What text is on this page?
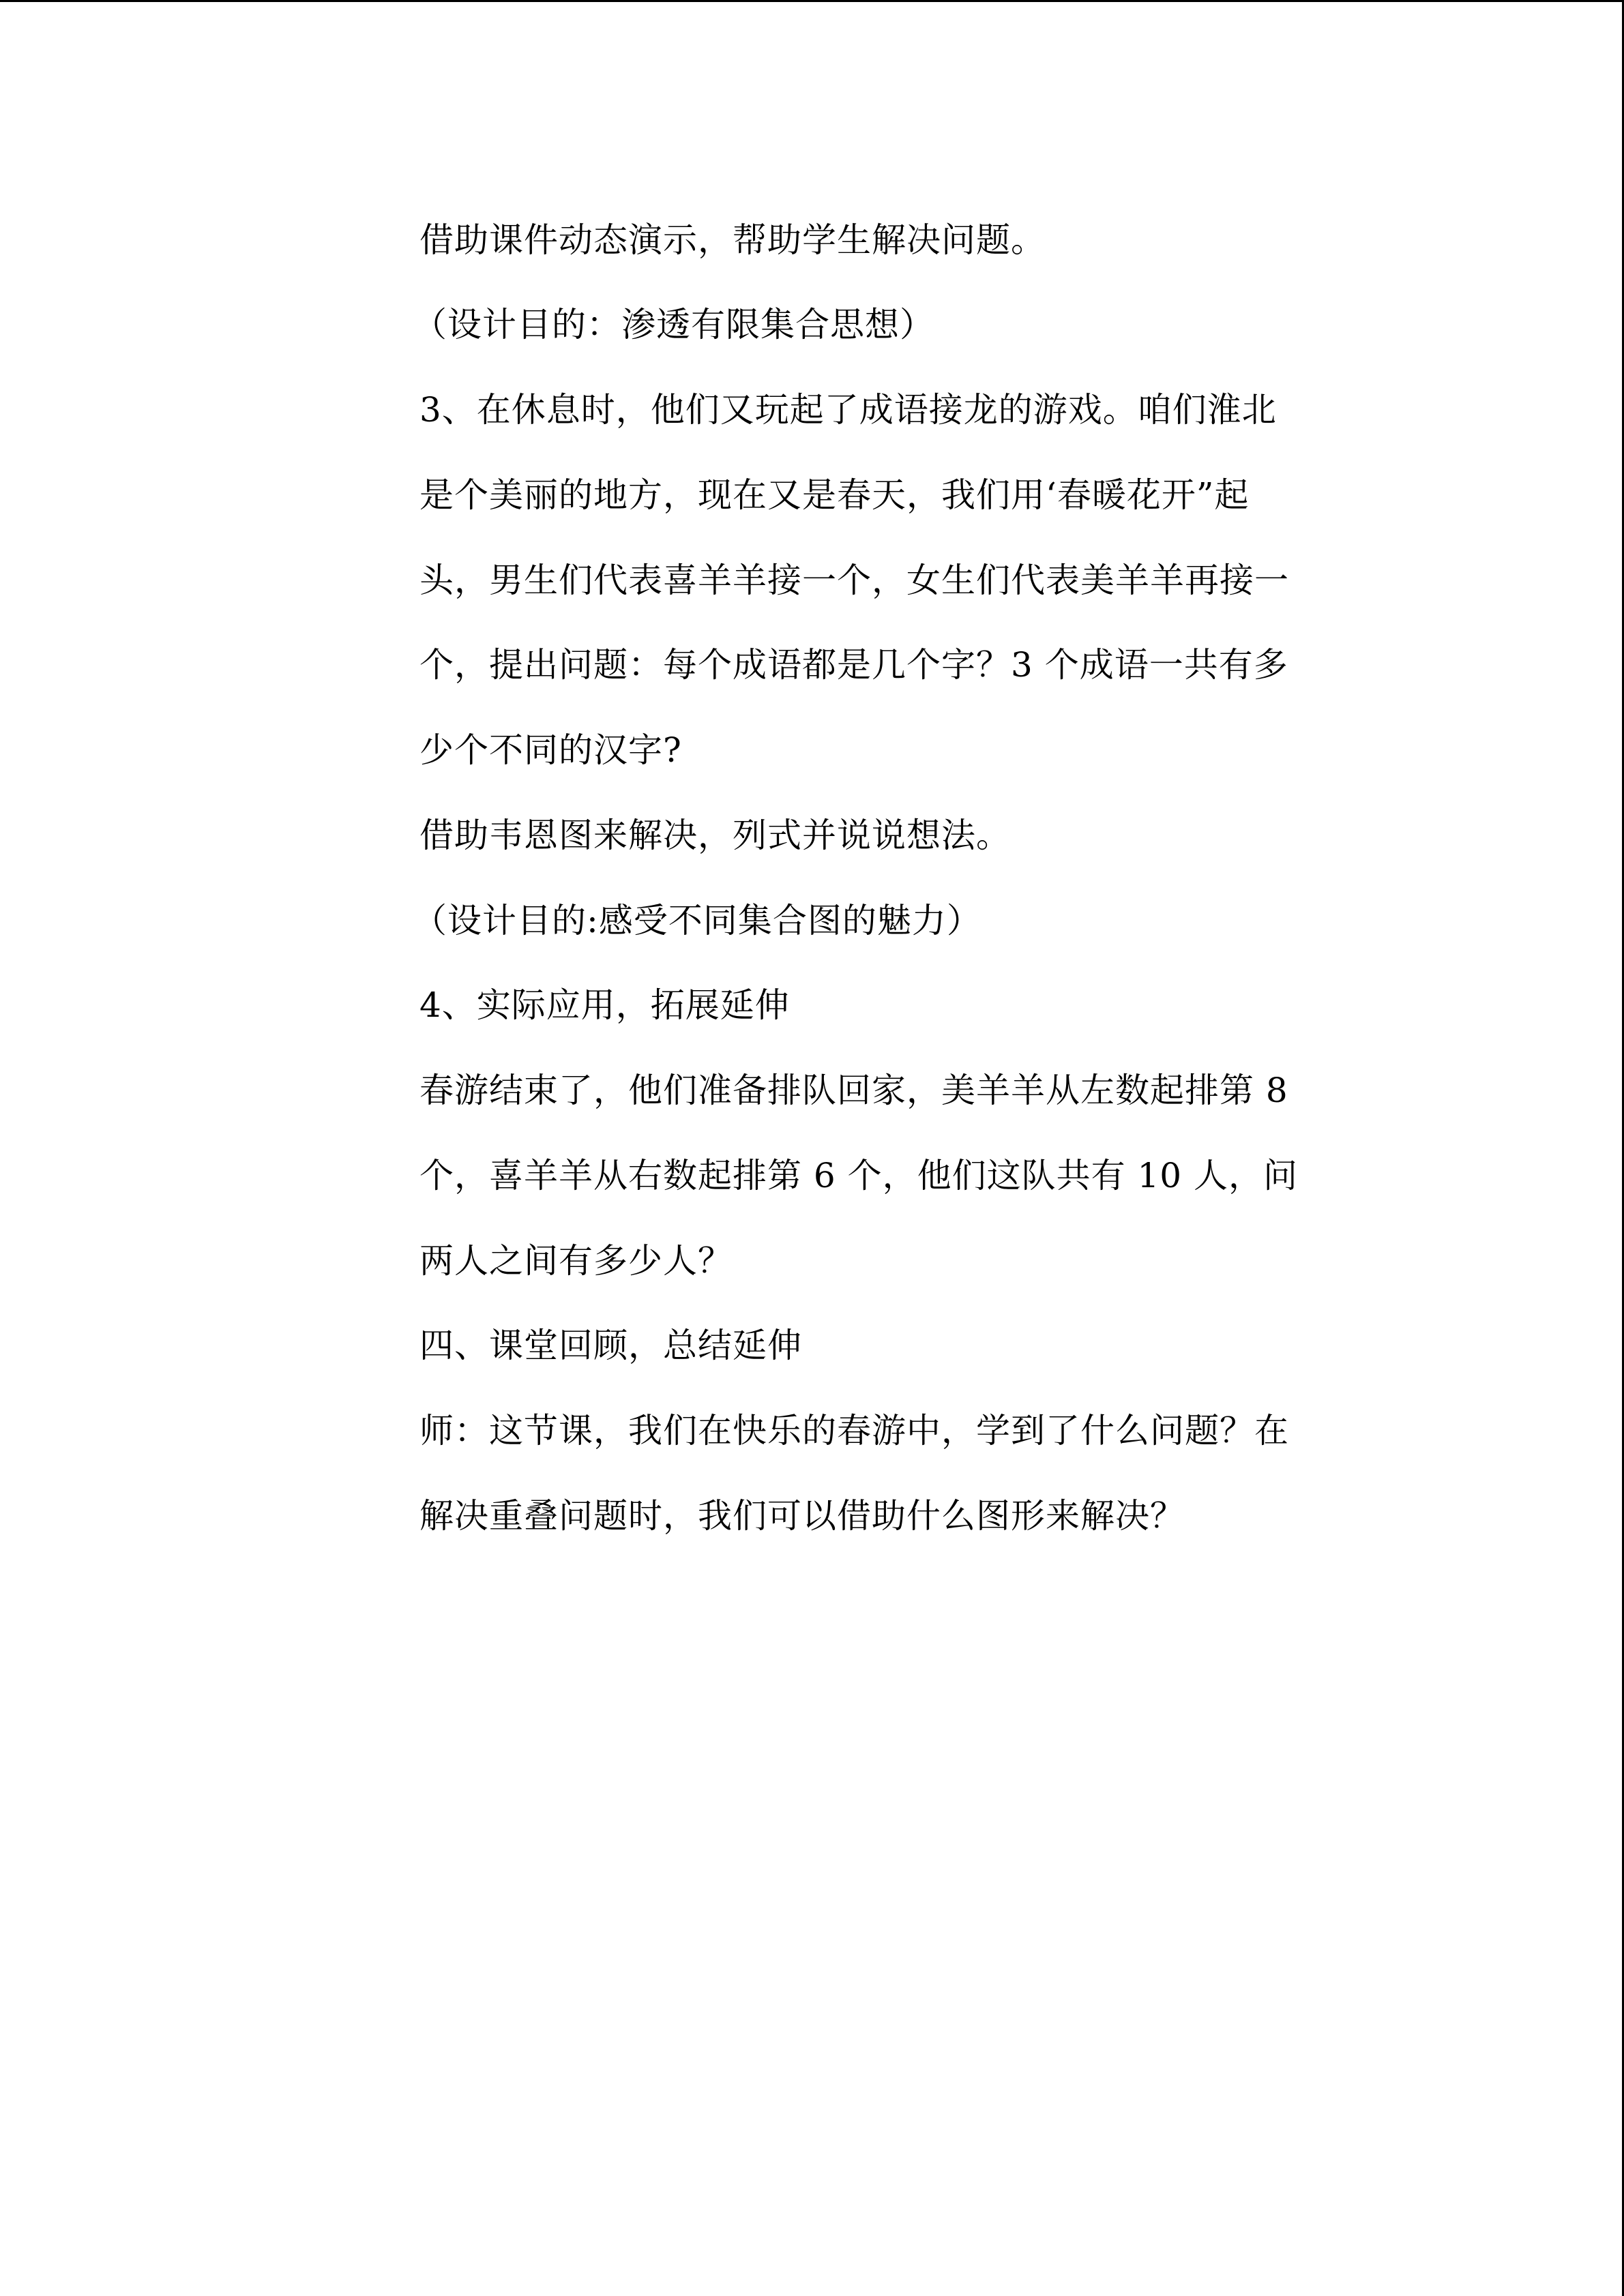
借助课件动态演示，帮助学生解决问题。
（设计目的：渗透有限集合思想）
3、在休息时，他们又玩起了成语接龙的游戏。咱们淮北
是个美丽的地方，现在又是春天，我们用‘春暖花开”起
头，男生们代表喜羊羊接一个，女生们代表美羊羊再接一
个，提出问题：每个成语都是几个字？3 个成语一共有多
少个不同的汉字?
借助韦恩图来解决，列式并说说想法。
（设计目的:感受不同集合图的魅力）
4、实际应用，拓展延伸
春游结束了，他们准备排队回家，美羊羊从左数起排第 8
个，喜羊羊从右数起排第 6 个，他们这队共有 10 人，问
两人之间有多少人？
四、课堂回顾，总结延伸
师：这节课，我们在快乐的春游中，学到了什么问题？在
解决重叠问题时，我们可以借助什么图形来解决？
